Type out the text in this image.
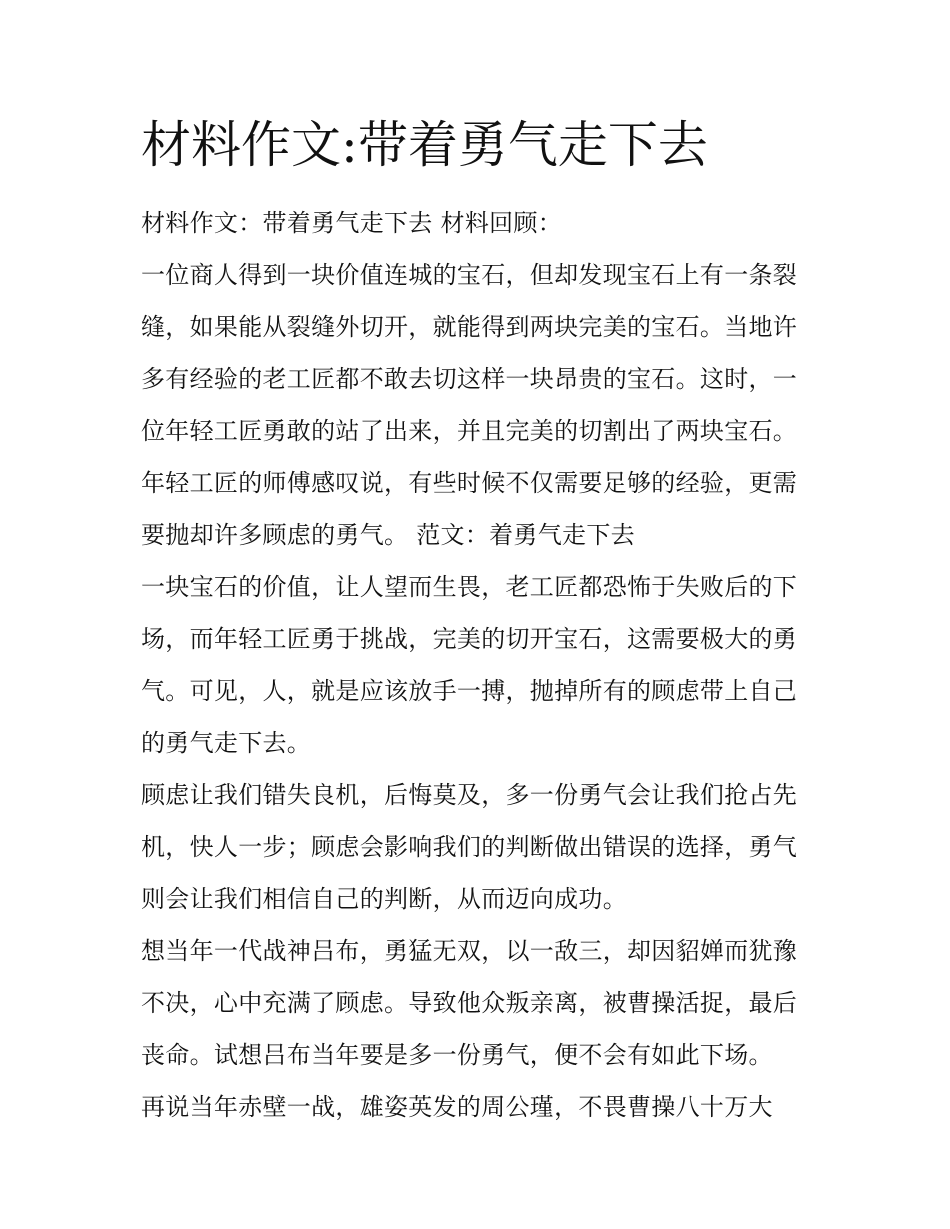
材料作文:带着勇气走下去
材料作文：带着勇气走下去 材料回顾：
一位商人得到一块价值连城的宝石，但却发现宝石上有一条裂
缝，如果能从裂缝外切开，就能得到两块完美的宝石。当地许
多有经验的老工匠都不敢去切这样一块昂贵的宝石。这时，一
位年轻工匠勇敢的站了出来，并且完美的切割出了两块宝石。
年轻工匠的师傅感叹说，有些时候不仅需要足够的经验，更需
要抛却许多顾虑的勇气。 范文：着勇气走下去
一块宝石的价值，让人望而生畏，老工匠都恐怖于失败后的下
场，而年轻工匠勇于挑战，完美的切开宝石，这需要极大的勇
气。可见，人，就是应该放手一搏，抛掉所有的顾虑带上自己
的勇气走下去。
顾虑让我们错失良机，后悔莫及，多一份勇气会让我们抢占先
机，快人一步；顾虑会影响我们的判断做出错误的选择，勇气
则会让我们相信自己的判断，从而迈向成功。
想当年一代战神吕布，勇猛无双，以一敌三，却因貂婵而犹豫
不决，心中充满了顾虑。导致他众叛亲离，被曹操活捉，最后
丧命。试想吕布当年要是多一份勇气，便不会有如此下场。
再说当年赤壁一战，雄姿英发的周公瑾，不畏曹操八十万大
